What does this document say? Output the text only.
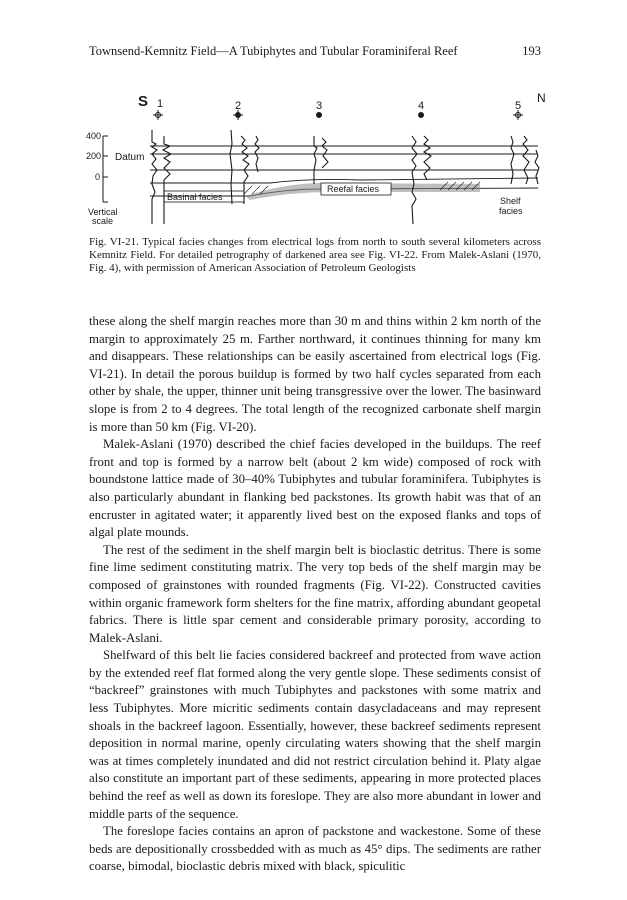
Townsend-Kemnitz Field—A Tubiphytes and Tubular Foraminiferal Reef	193
S	N
1	2	3	4	5
400
200
0
Vertical
scale
Datum
Basinal facies
Reefal facies
Shelf
facies
Fig. VI-21. Typical facies changes from electrical logs from north to south several kilometers across Kemnitz Field. For detailed petrography of darkened area see Fig. VI-22. From Malek-Aslani (1970, Fig. 4), with permission of American Association of Petroleum Geologists

these along the shelf margin reaches more than 30 m and thins within 2 km north of the margin to approximately 25 m. Farther northward, it continues thinning for many km and disappears. These relationships can be easily ascertained from electrical logs (Fig. VI-21). In detail the porous buildup is formed by two half cycles separated from each other by shale, the upper, thinner unit being transgressive over the lower. The basinward slope is from 2 to 4 degrees. The total length of the recognized carbonate shelf margin is more than 50 km (Fig. VI-20).

Malek-Aslani (1970) described the chief facies developed in the buildups. The reef front and top is formed by a narrow belt (about 2 km wide) composed of rock with boundstone lattice made of 30–40% Tubiphytes and tubular foraminifera. Tubiphytes is also particularly abundant in flanking bed packstones. Its growth habit was that of an encruster in agitated water; it apparently lived best on the exposed flanks and tops of algal plate mounds.

The rest of the sediment in the shelf margin belt is bioclastic detritus. There is some fine lime sediment constituting matrix. The very top beds of the shelf margin may be composed of grainstones with rounded fragments (Fig. VI-22). Constructed cavities within organic framework form shelters for the fine matrix, affording abundant geopetal fabrics. There is little spar cement and considerable primary porosity, according to Malek-Aslani.

Shelfward of this belt lie facies considered backreef and protected from wave action by the extended reef flat formed along the very gentle slope. These sediments consist of “backreef” grainstones with much Tubiphytes and packstones with some matrix and less Tubiphytes. More micritic sediments contain dasycladaceans and may represent shoals in the backreef lagoon. Essentially, however, these backreef sediments represent deposition in normal marine, openly circulating waters showing that the shelf margin was at times completely inundated and did not restrict circulation behind it. Platy algae also constitute an important part of these sediments, appearing in more protected places behind the reef as well as down its foreslope. They are also more abundant in lower and middle parts of the sequence.

The foreslope facies contains an apron of packstone and wackestone. Some of these beds are depositionally crossbedded with as much as 45° dips. The sediments are rather coarse, bimodal, bioclastic debris mixed with black, spiculitic
